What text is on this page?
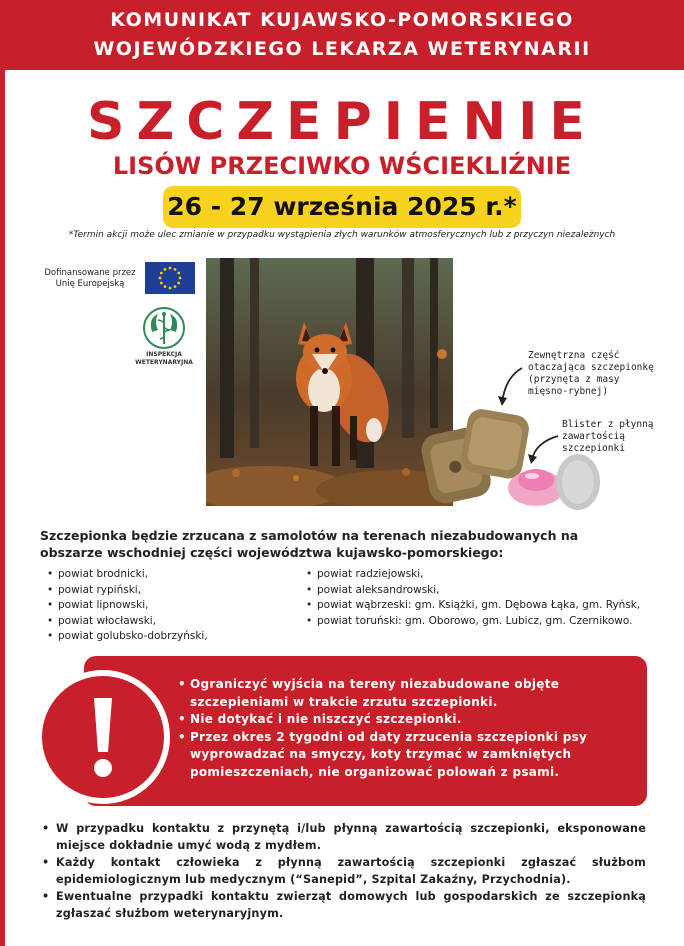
KOMUNIKAT KUJAWSKO-POMORSKIEGO
WOJEWÓDZKIEGO LEKARZA WETERYNARII
SZCZEPIENIE
LISÓW PRZECIWKO WŚCIEKLIŹNIE
26 - 27 września 2025 r.*
*Termin akcji może ulec zmianie w przypadku wystąpienia złych warunków atmosferycznych lub z przyczyn niezależnych
Dofinansowane przez
Unię Europejską
INSPEKCJA
WETERYNARYJNA
Zewnętrzna część
otaczająca szczepionkę
(przynęta z masy
mięsno-rybnej)
Blister z płynną
zawartością
szczepionki

Szczepionka będzie zrzucana z samolotów na terenach niezabudowanych na

obszarze wschodniej części województwa kujawsko-pomorskiego:

• powiat brodnicki,
• powiat rypiński,
• powiat lipnowski,
• powiat włocławski,
• powiat golubsko-dobrzyński,
• powiat radziejowski,
• powiat aleksandrowski,
• powiat wąbrzeski: gm. Książki, gm. Dębowa Łąka, gm. Ryńsk,
• powiat toruński: gm. Oborowo, gm. Lubicz, gm. Czernikowo.
• Ograniczyć wyjścia na tereny niezabudowane objęte szczepieniami w trakcie zrzutu szczepionki.
• Nie dotykać i nie niszczyć szczepionki.
• Przez okres 2 tygodni od daty zrzucenia szczepionki psy wyprowadzać na smyczy, koty trzymać w zamkniętych pomieszczeniach, nie organizować polowań z psami.
• W przypadku kontaktu z przynętą i/lub płynną zawartością szczepionki, eksponowane miejsce dokładnie umyć wodą z mydłem.
• Każdy kontakt człowieka z płynną zawartością szczepionki zgłaszać służbom epidemiologicznym lub medycznym (“Sanepid”, Szpital Zakaźny, Przychodnia).
• Ewentualne przypadki kontaktu zwierząt domowych lub gospodarskich ze szczepionką zgłaszać służbom weterynaryjnym.
